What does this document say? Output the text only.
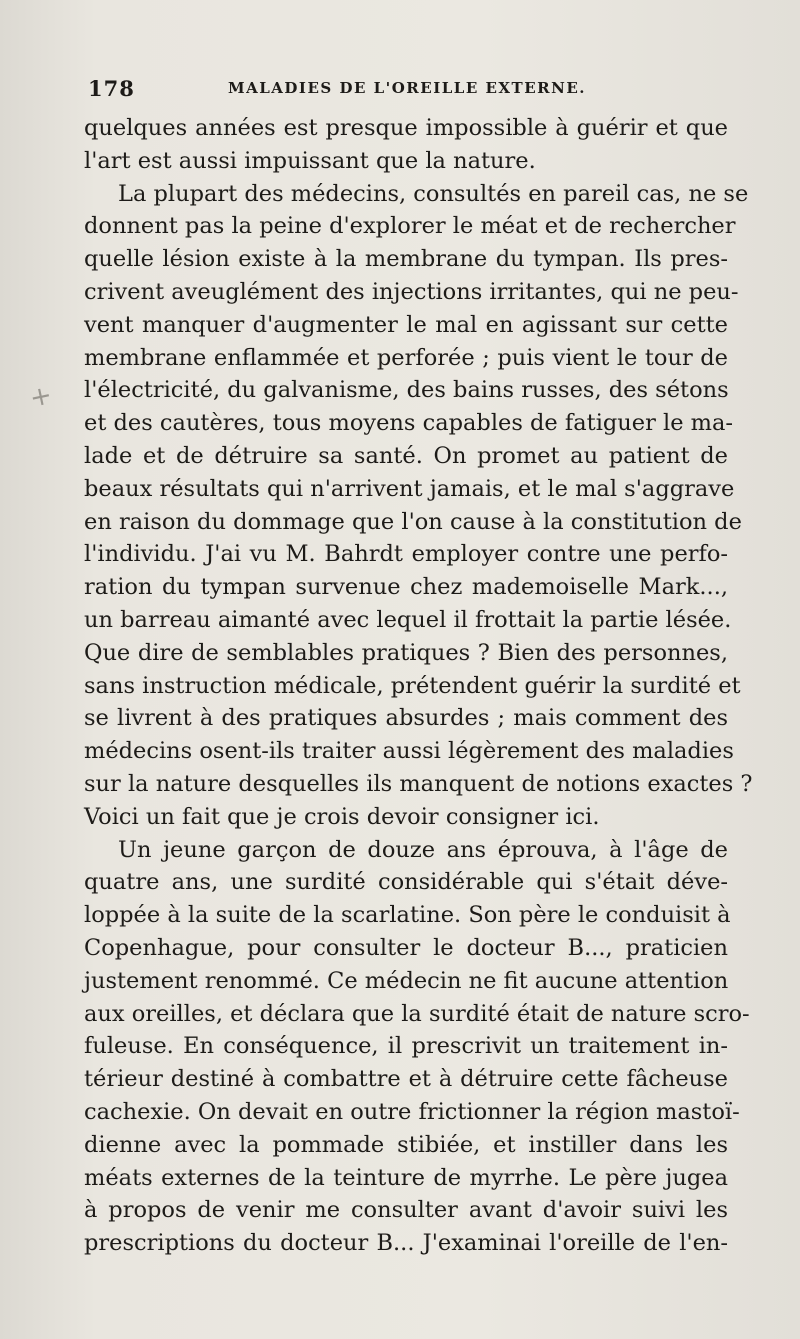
178	MALADIES DE L'OREILLE EXTERNE.
+
quelques années est presque impossible à guérir et que
l'art est aussi impuissant que la nature.
La plupart des médecins, consultés en pareil cas, ne se
donnent pas la peine d'explorer le méat et de rechercher
quelle lésion existe à la membrane du tympan. Ils pres-
crivent aveuglément des injections irritantes, qui ne peu-
vent manquer d'augmenter le mal en agissant sur cette
membrane enflammée et perforée ; puis vient le tour de
l'électricité, du galvanisme, des bains russes, des sétons
et des cautères, tous moyens capables de fatiguer le ma-
lade et de détruire sa santé. On promet au patient de
beaux résultats qui n'arrivent jamais, et le mal s'aggrave
en raison du dommage que l'on cause à la constitution de
l'individu. J'ai vu M. Bahrdt employer contre une perfo-
ration du tympan survenue chez mademoiselle Mark...,
un barreau aimanté avec lequel il frottait la partie lésée.
Que dire de semblables pratiques ? Bien des personnes,
sans instruction médicale, prétendent guérir la surdité et
se livrent à des pratiques absurdes ; mais comment des
médecins osent-ils traiter aussi légèrement des maladies
sur la nature desquelles ils manquent de notions exactes ?
Voici un fait que je crois devoir consigner ici.
Un jeune garçon de douze ans éprouva, à l'âge de
quatre ans, une surdité considérable qui s'était déve-
loppée à la suite de la scarlatine. Son père le conduisit à
Copenhague, pour consulter le docteur B..., praticien
justement renommé. Ce médecin ne fit aucune attention
aux oreilles, et déclara que la surdité était de nature scro-
fuleuse. En conséquence, il prescrivit un traitement in-
térieur destiné à combattre et à détruire cette fâcheuse
cachexie. On devait en outre frictionner la région mastoï-
dienne avec la pommade stibiée, et instiller dans les
méats externes de la teinture de myrrhe. Le père jugea
à propos de venir me consulter avant d'avoir suivi les
prescriptions du docteur B... J'examinai l'oreille de l'en-
